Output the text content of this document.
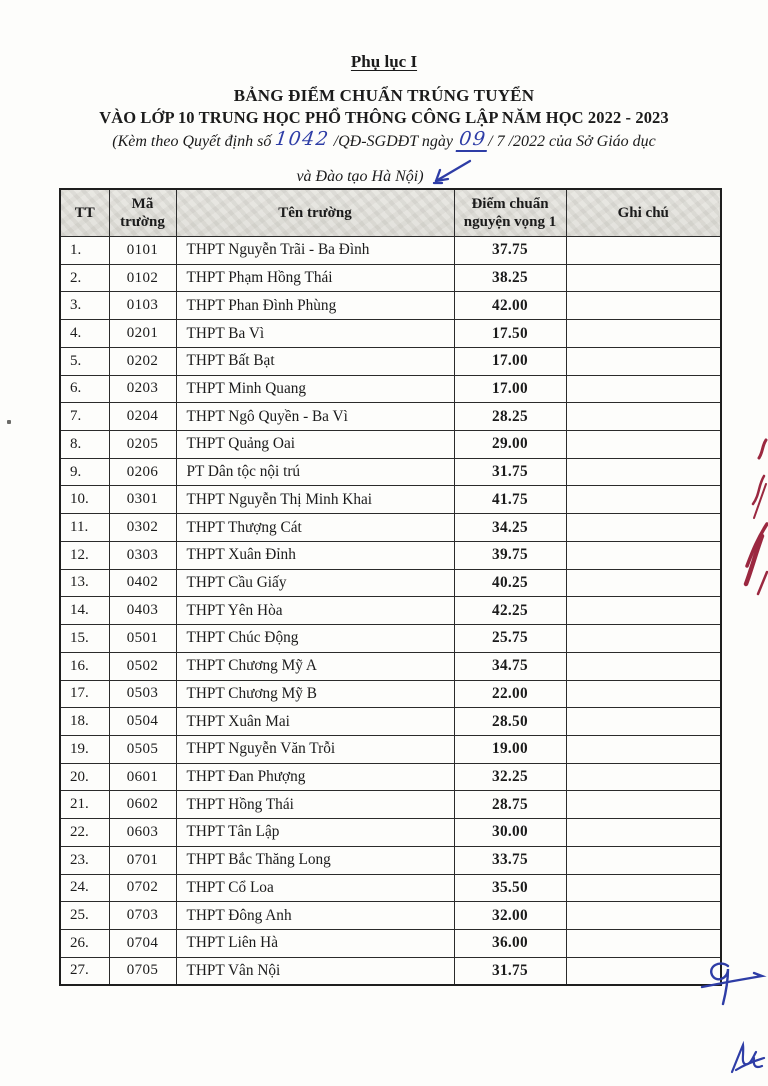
Phụ lục I
BẢNG ĐIỂM CHUẨN TRÚNG TUYỂN
VÀO LỚP 10 TRUNG HỌC PHỔ THÔNG CÔNG LẬP NĂM HỌC 2022 - 2023
(Kèm theo Quyết định số 1042 /QĐ-SGDĐT ngày 09/ 7 /2022 của Sở Giáo dục
và Đào tạo Hà Nội)
TT	Mã trường	Tên trường	Điểm chuẩn nguyện vọng 1	Ghi chú
1.	0101	THPT Nguyễn Trãi - Ba Đình	37.75	
2.	0102	THPT Phạm Hồng Thái	38.25	
3.	0103	THPT Phan Đình Phùng	42.00	
4.	0201	THPT Ba Vì	17.50	
5.	0202	THPT Bất Bạt	17.00	
6.	0203	THPT Minh Quang	17.00	
7.	0204	THPT Ngô Quyền - Ba Vì	28.25	
8.	0205	THPT Quảng Oai	29.00	
9.	0206	PT Dân tộc nội trú	31.75	
10.	0301	THPT Nguyễn Thị Minh Khai	41.75	
11.	0302	THPT Thượng Cát	34.25	
12.	0303	THPT Xuân Đỉnh	39.75	
13.	0402	THPT Cầu Giấy	40.25	
14.	0403	THPT Yên Hòa	42.25	
15.	0501	THPT Chúc Động	25.75	
16.	0502	THPT Chương Mỹ A	34.75	
17.	0503	THPT Chương Mỹ B	22.00	
18.	0504	THPT Xuân Mai	28.50	
19.	0505	THPT Nguyễn Văn Trỗi	19.00	
20.	0601	THPT Đan Phượng	32.25	
21.	0602	THPT Hồng Thái	28.75	
22.	0603	THPT Tân Lập	30.00	
23.	0701	THPT Bắc Thăng Long	33.75	
24.	0702	THPT Cổ Loa	35.50	
25.	0703	THPT Đông Anh	32.00	
26.	0704	THPT Liên Hà	36.00	
27.	0705	THPT Vân Nội	31.75	
